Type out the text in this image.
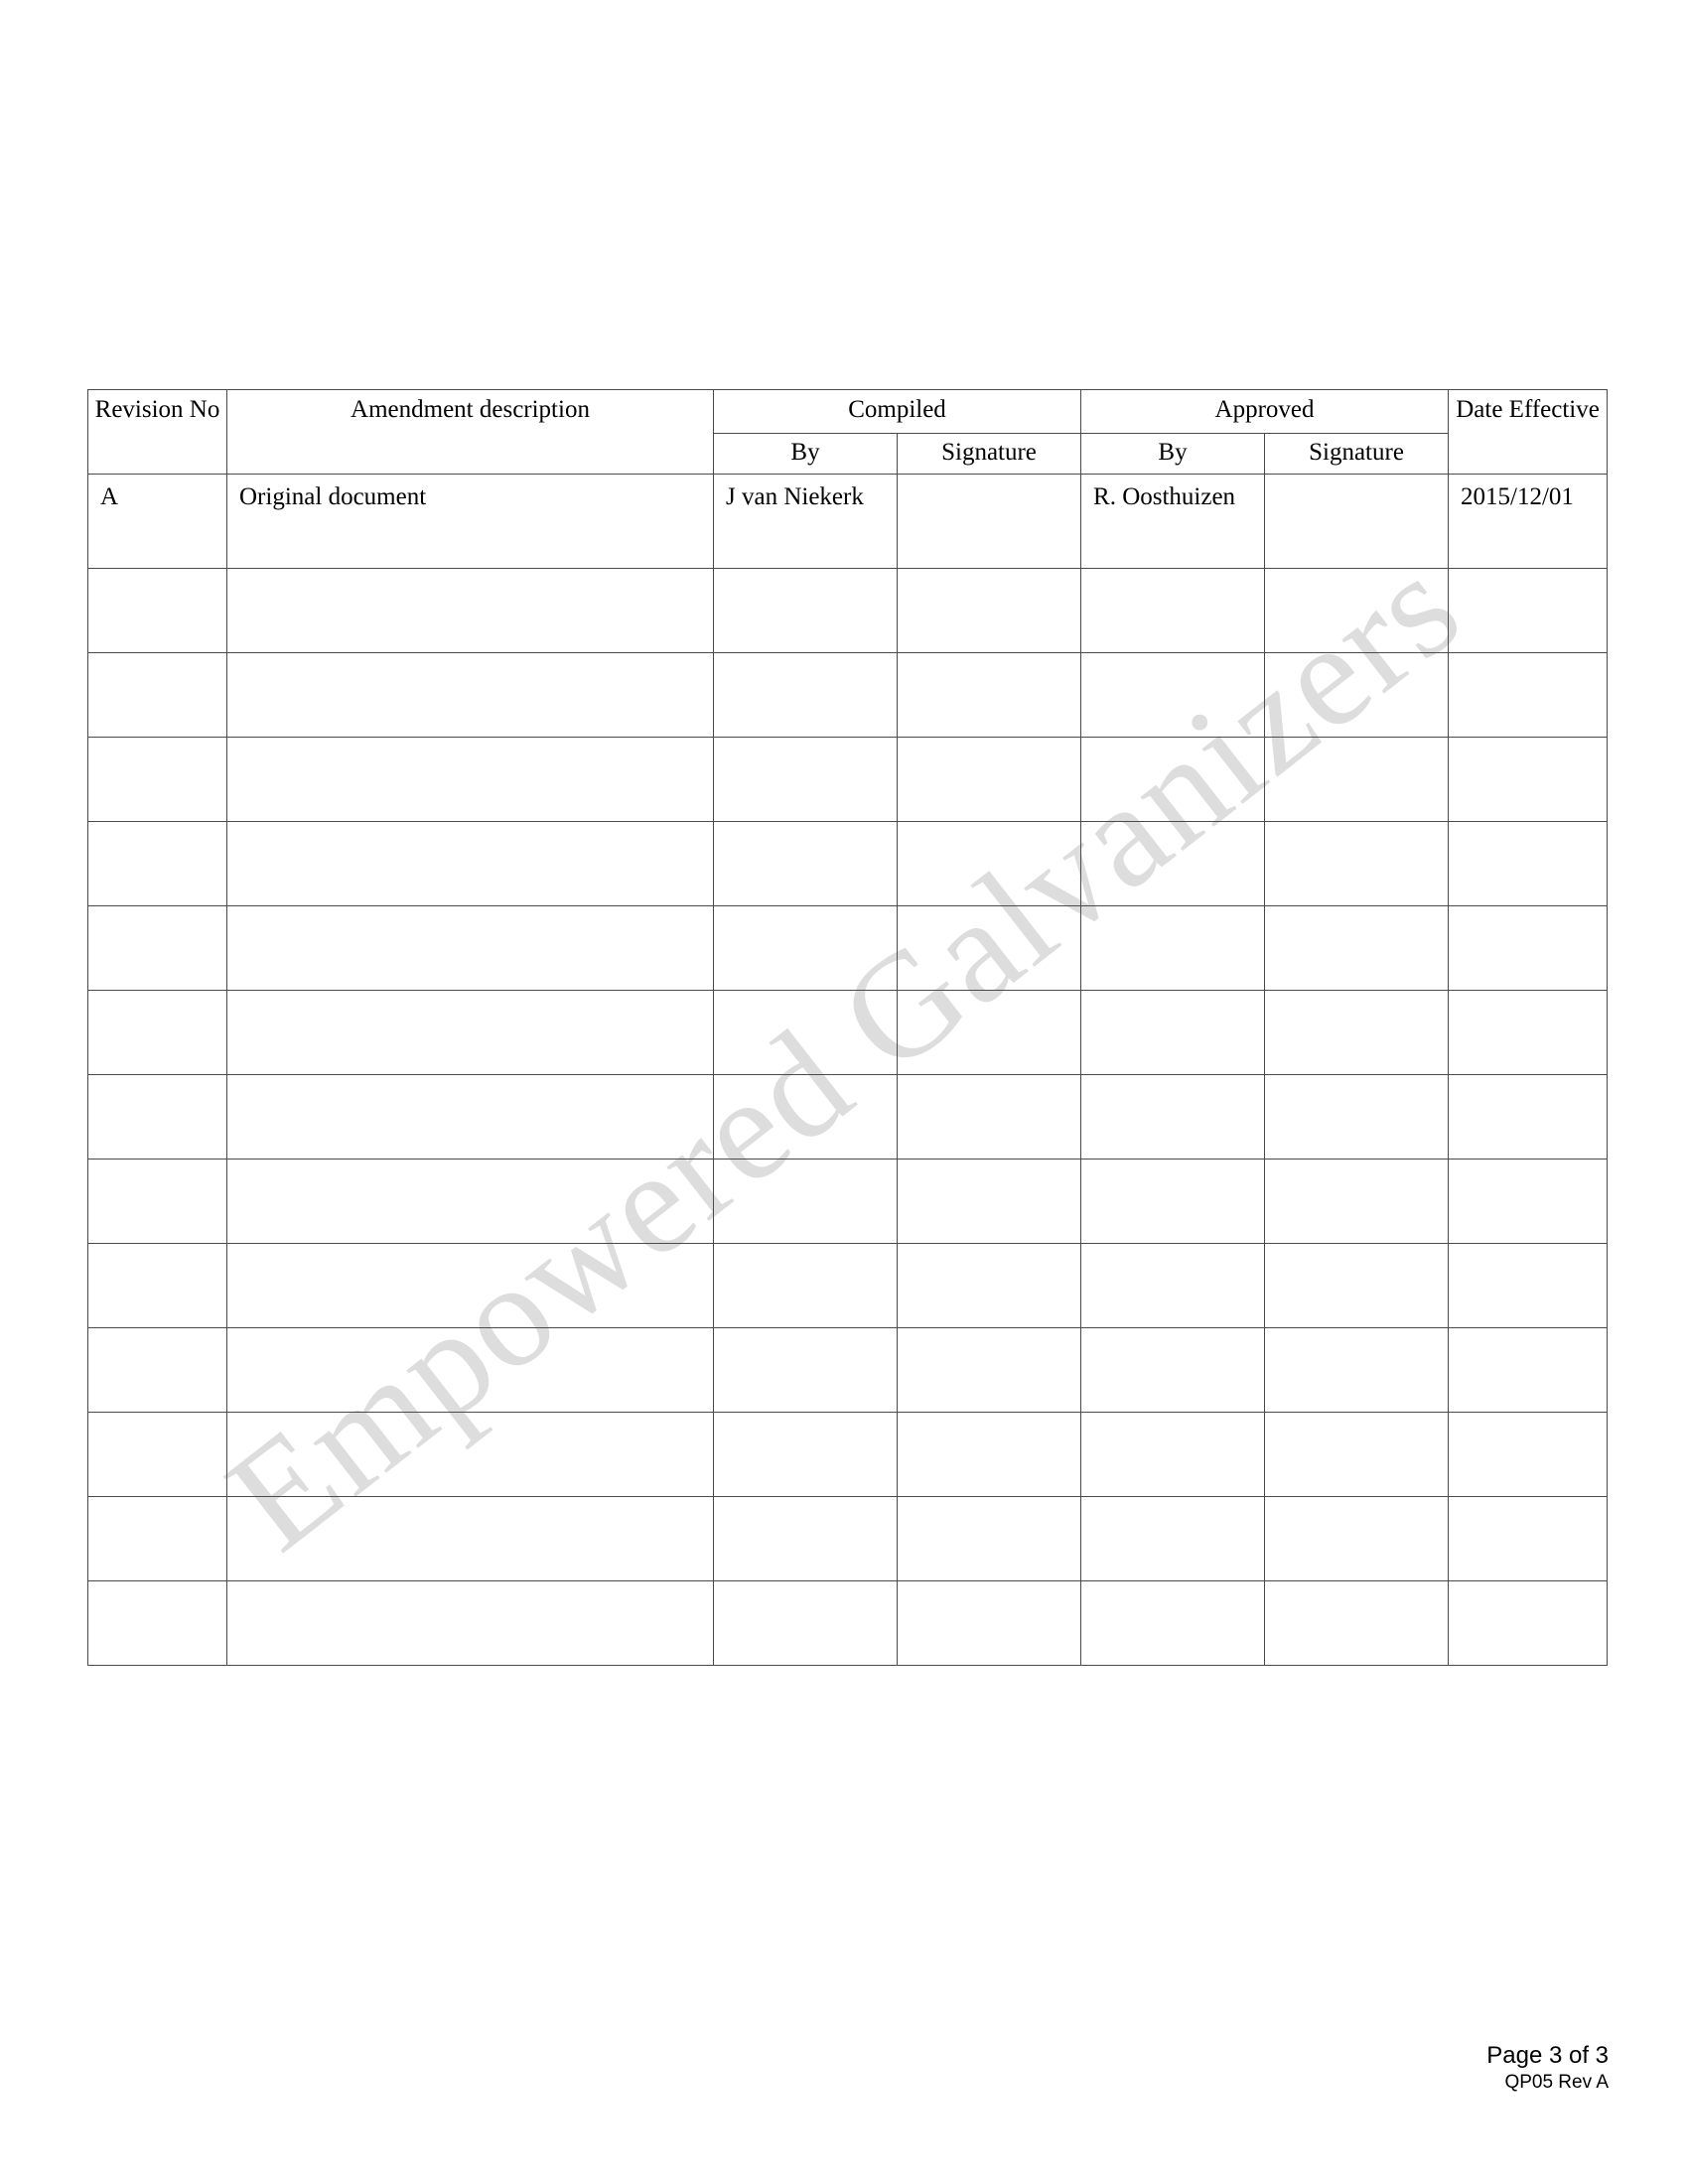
Empowered Galvanizers
Revision No	Amendment description	Compiled		Approved		Date Effective
		By	Signature	By	Signature	
A	Original document	J van Niekerk		R. Oosthuizen		2015/12/01

Page 3 of 3
QP05 Rev A
